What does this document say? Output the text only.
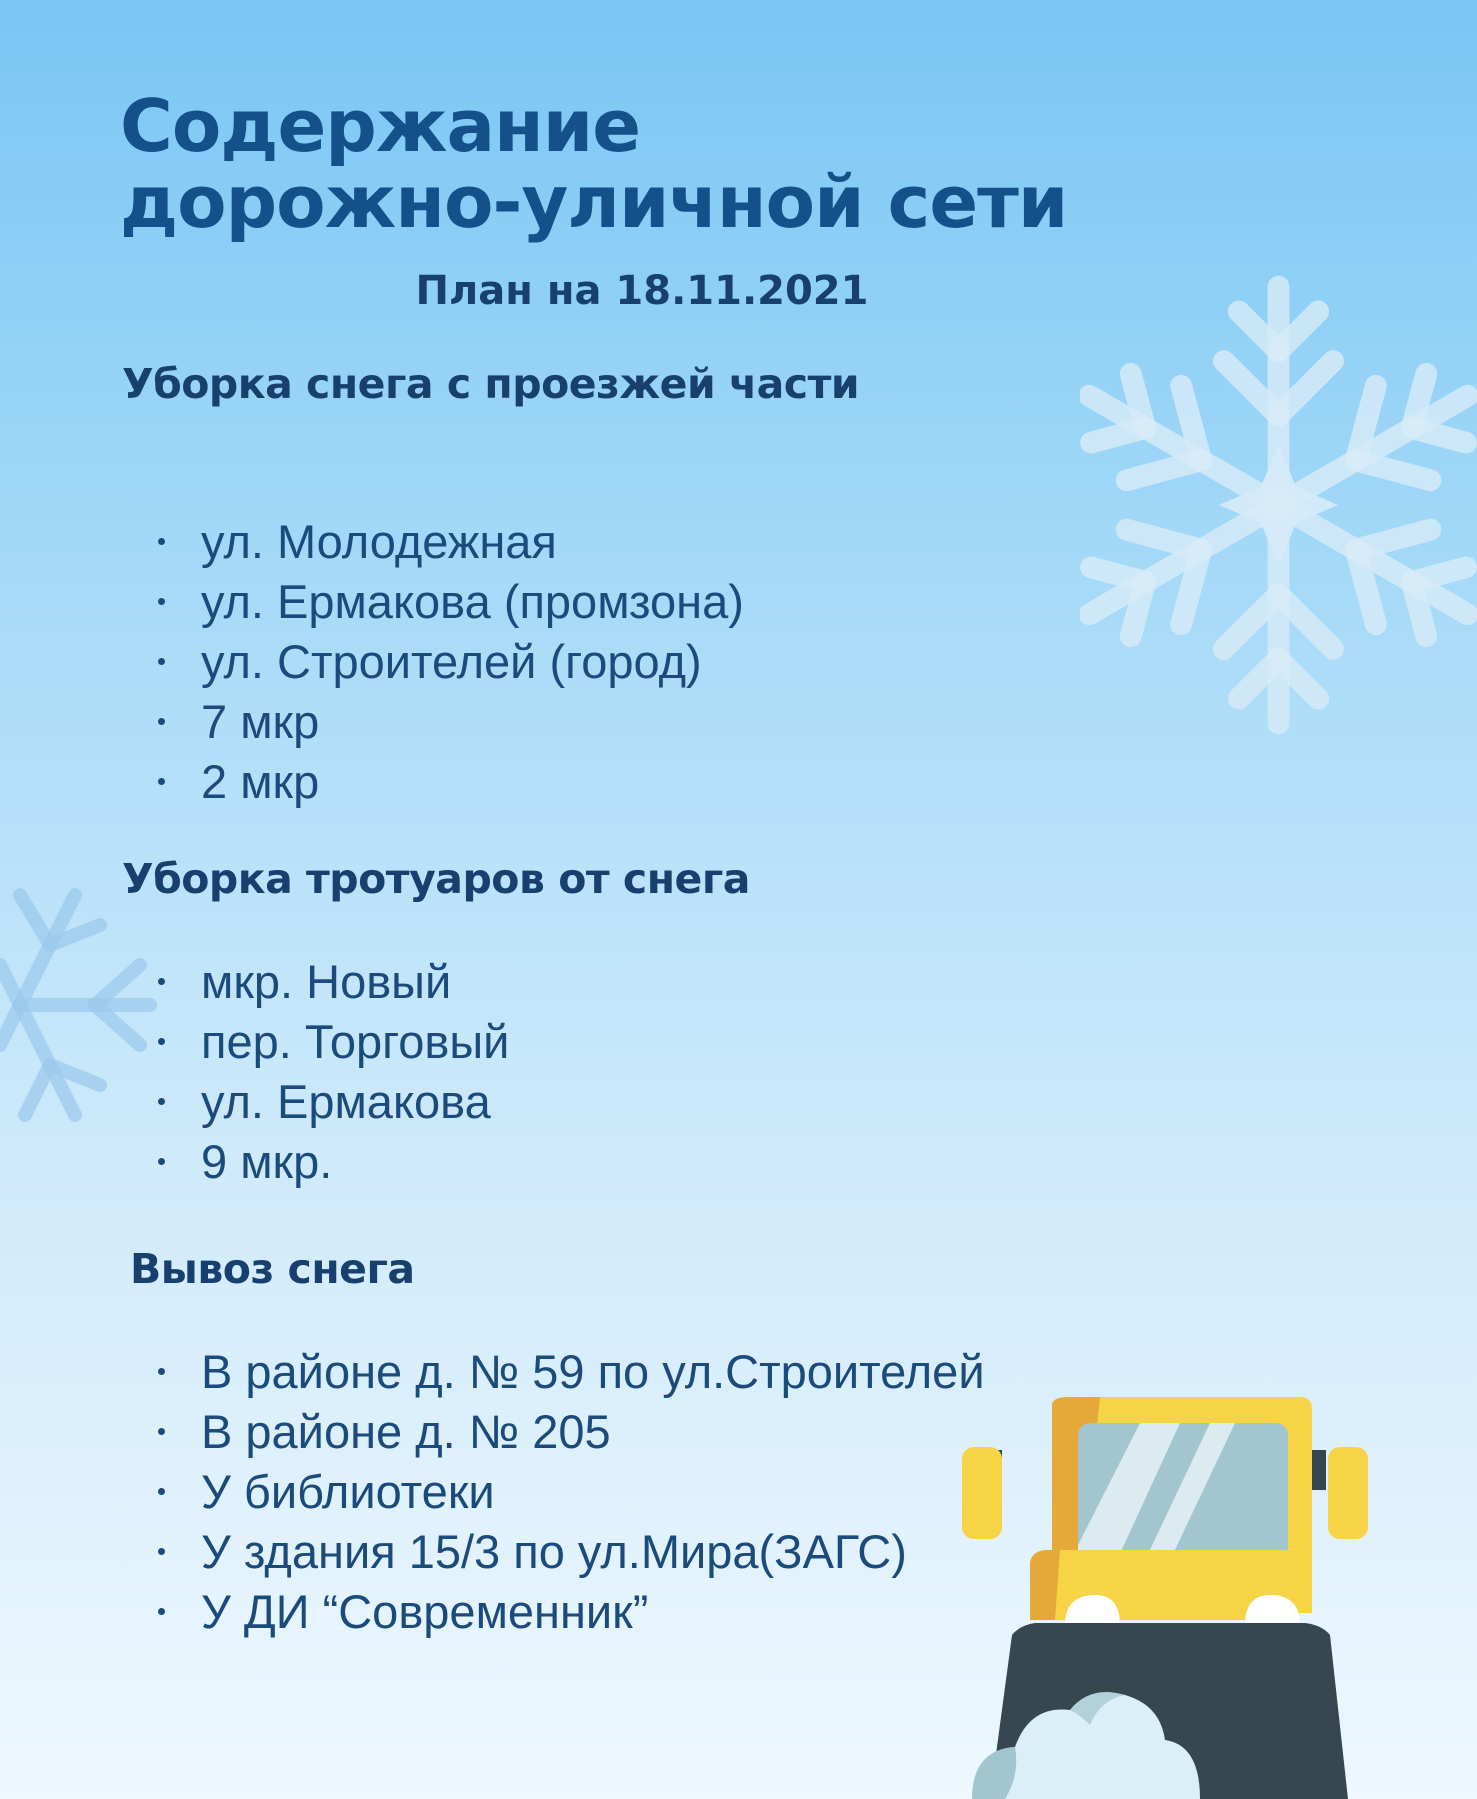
Содержание
дорожно-уличной сети
План на 18.11.2021
Уборка снега с проезжей части
ул. Молодежная
ул. Ермакова (промзона)
ул. Строителей (город)
7 мкр
2 мкр
Уборка тротуаров от снега
мкр. Новый
пер. Торговый
ул. Ермакова
9 мкр.
Вывоз снега
В районе д. № 59 по ул.Строителей
В районе д. № 205
У библиотеки
У здания 15/3 по ул.Мира(ЗАГС)
У ДИ “Современник”
